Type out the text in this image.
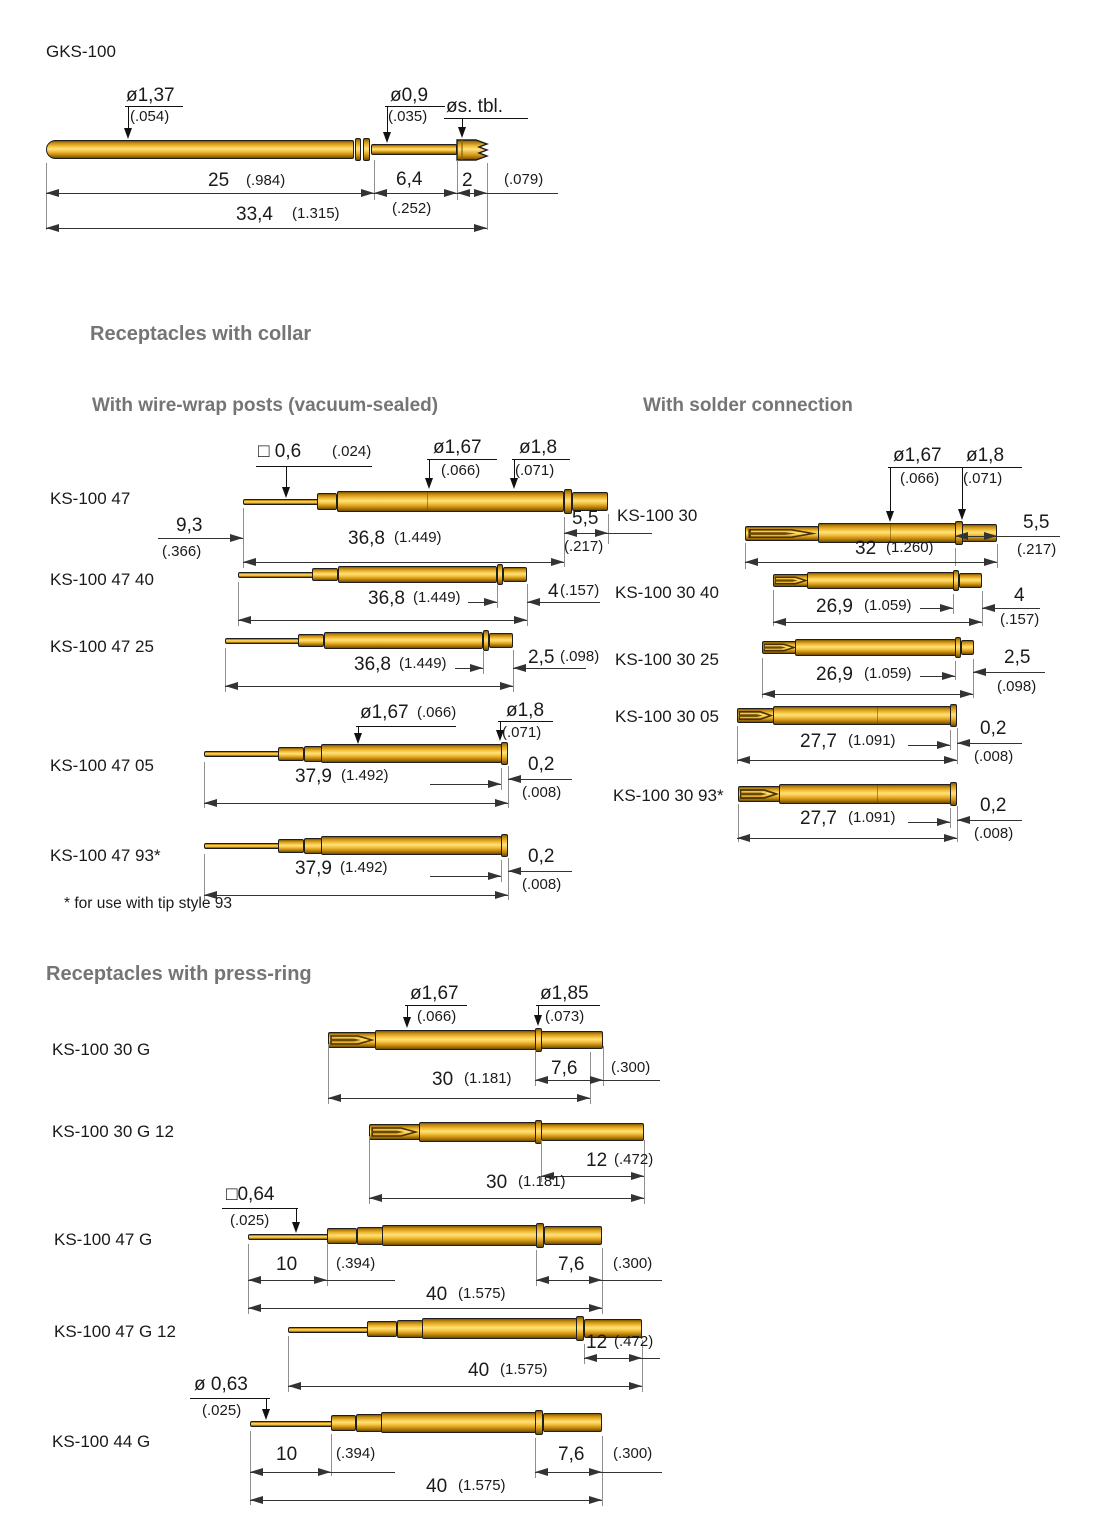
GKS-100
ø1,37
(.054)
ø0,9
(.035) øs. tbl.
25 (.984)	6,4
(.252)
2 (.079)
33,4 (1.315)
Receptacles with collar
With wire-wrap posts (vacuum-sealed)	With solder connection
KS-100 47
□ 0,6 (.024)	ø1,67
(.066)
ø1,8
(.071)
9,3
(.366)
36,8 (1.449)
5,5
(.217)
KS-100 47 40
36,8 (1.449)	4 (.157)
KS-100 47 25
36,8 (1.449)	2,5 (.098)
KS-100 47 05
ø1,67 (.066)	ø1,8
(.071)
37,9 (1.492)
0,2
(.008)
KS-100 47 93*
37,9 (1.492)
0,2
(.008)
* for use with tip style 93
KS-100 30
ø1,67
(.066)
ø1,8
(.071)
5,5
(.217)
32 (1.260)
KS-100 30 40
26,9 (1.059)	4
(.157)
KS-100 30 25
26,9 (1.059)
2,5
(.098)
KS-100 30 05
27,7 (1.091)
0,2
(.008)
KS-100 30 93*
27,7 (1.091)
0,2
(.008)
Receptacles with press-ring
KS-100 30 G
ø1,67
(.066)
ø1,85
(.073)
7,6 (.300)
30 (1.181)
KS-100 30 G 12
12 (.472)
30 (1.181)
KS-100 47 G
□0,64
(.025)
10	(.394)	7,6 (.300)
40 (1.575)
KS-100 47 G 12
12 (.472)
40 (1.575)
KS-100 44 G
ø 0,63
(.025)
10	(.394)	7,6 (.300)
40 (1.575)
